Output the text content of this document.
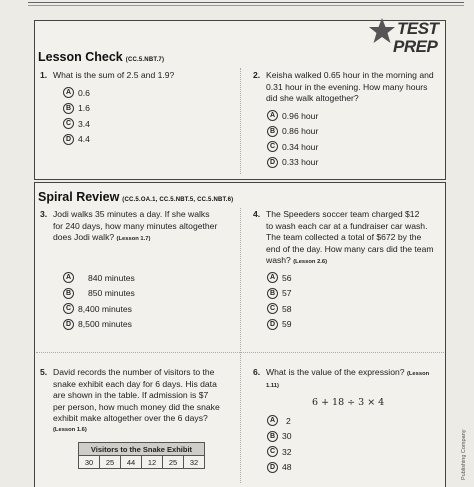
Lesson Check (CC.5.NBT.7)
TEST
PREP
1. What is the sum of 2.5 and 1.9?
A 0.6
B 1.6
C 3.4
D 4.4
2. Keisha walked 0.65 hour in the morning and
0.31 hour in the evening. How many hours
did she walk altogether?
A 0.96 hour
B 0.86 hour
C 0.34 hour
D 0.33 hour
Spiral Review (CC.5.OA.1, CC.5.NBT.5, CC.5.NBT.6)
3. Jodi walks 35 minutes a day. If she walks
for 240 days, how many minutes altogether
does Jodi walk? (Lesson 1.7)
A	840 minutes
B	850 minutes
C 8,400 minutes
D 8,500 minutes
4. The Speeders soccer team charged $12
to wash each car at a fundraiser car wash.
The team collected a total of $672 by the
end of the day. How many cars did the team
wash? (Lesson 2.6)
A 56
B 57
C 58
D 59
5. David records the number of visitors to the
snake exhibit each day for 6 days. His data
are shown in the table. If admission is $7
per person, how much money did the snake
exhibit make altogether over the 6 days?
(Lesson 1.6)
Visitors to the Snake Exhibit
30	25	44	12	25	32
6. What is the value of the expression? (Lesson
1.11)
6 + 18 ÷ 3 × 4
A	2
B 30
C 32
D 48	Publishing Company
